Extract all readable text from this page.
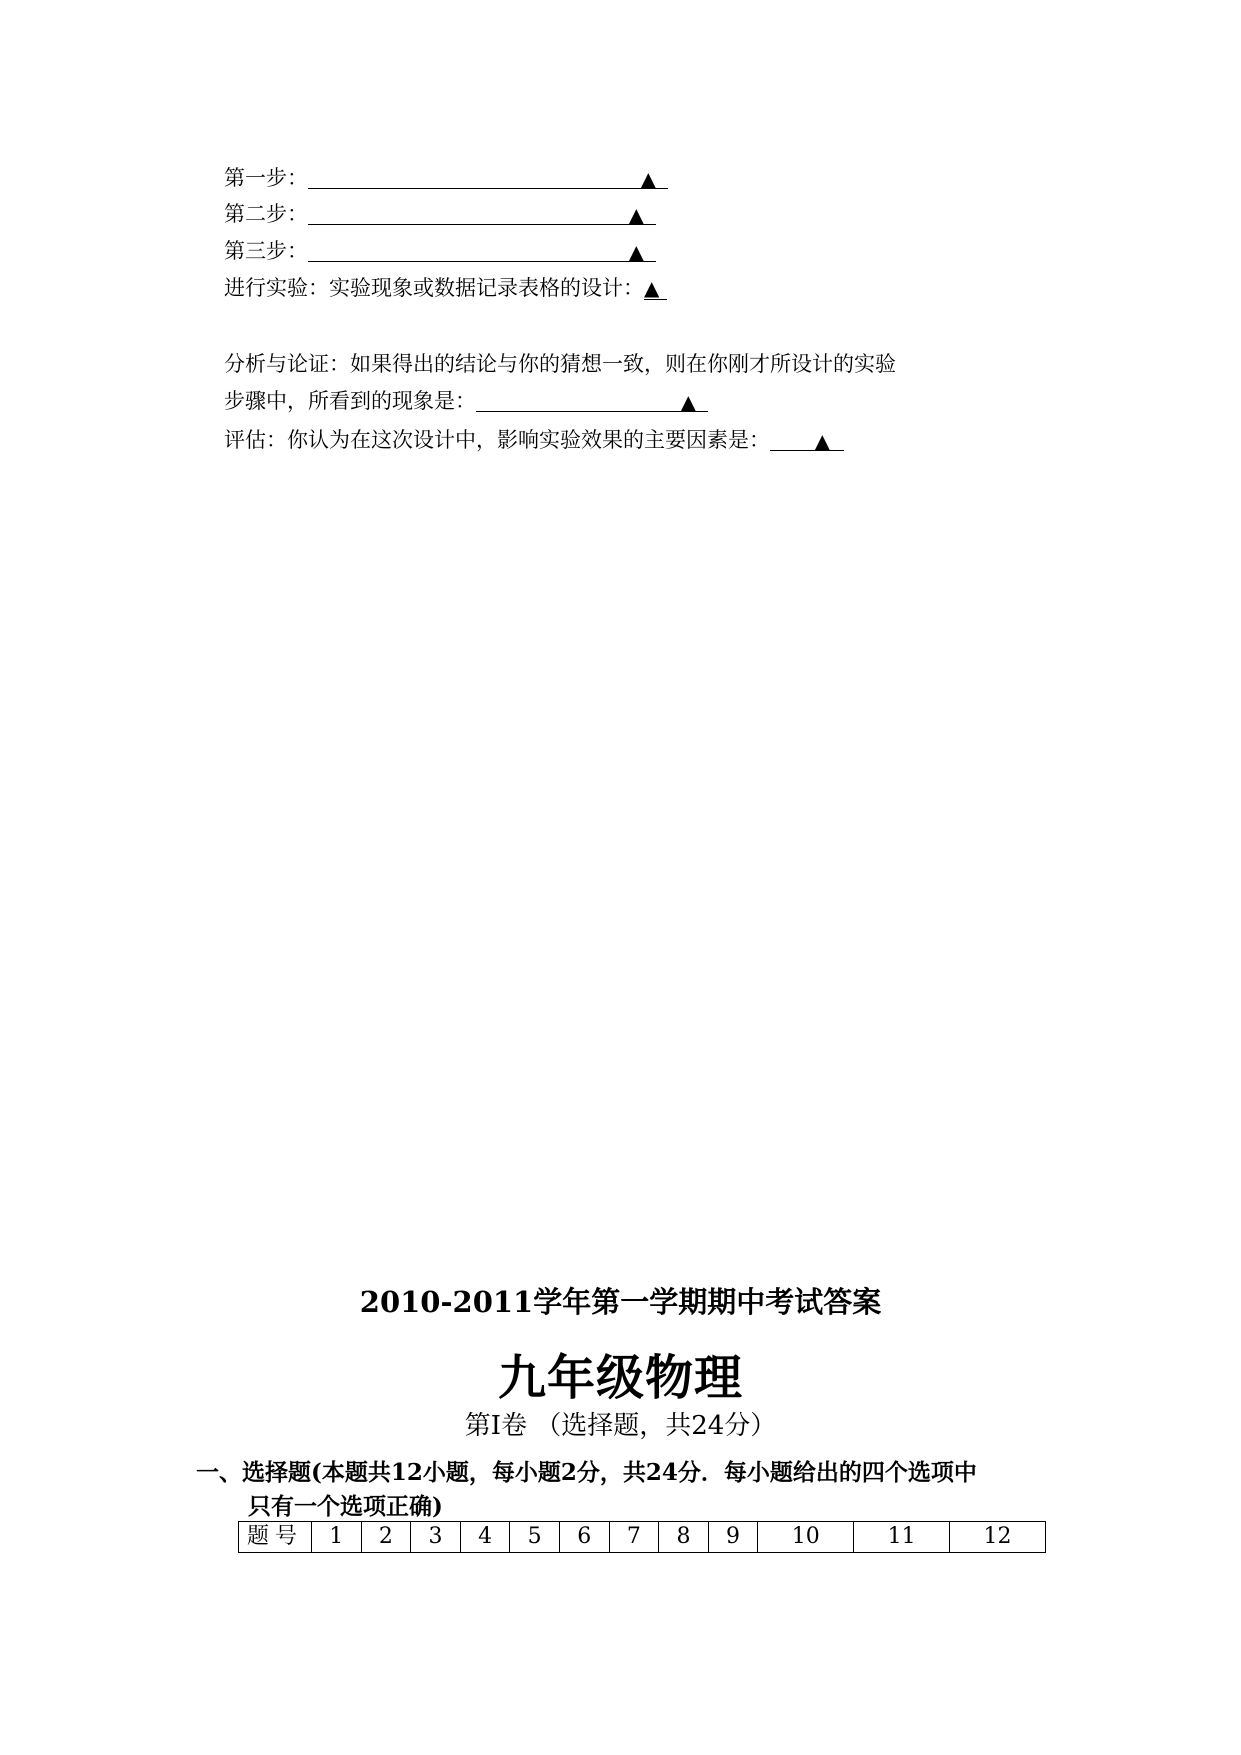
第一步：	▲
第二步：	▲
第三步：	▲
进行实验：实验现象或数据记录表格的设计：▲
分析与论证：如果得出的结论与你的猜想一致，则在你刚才所设计的实验
步骤中，所看到的现象是：	▲
评估：你认为在这次设计中，影响实验效果的主要因素是： ▲
2010-2011学年第一学期期中考试答案
九年级物理
第Ⅰ卷 （选择题，共24分）
一、选择题(本题共12小题，每小题2分，共24分．每小题给出的四个选项中
只有一个选项正确)
题号	1	2	3	4	5	6	7	8	9	10	11	12
